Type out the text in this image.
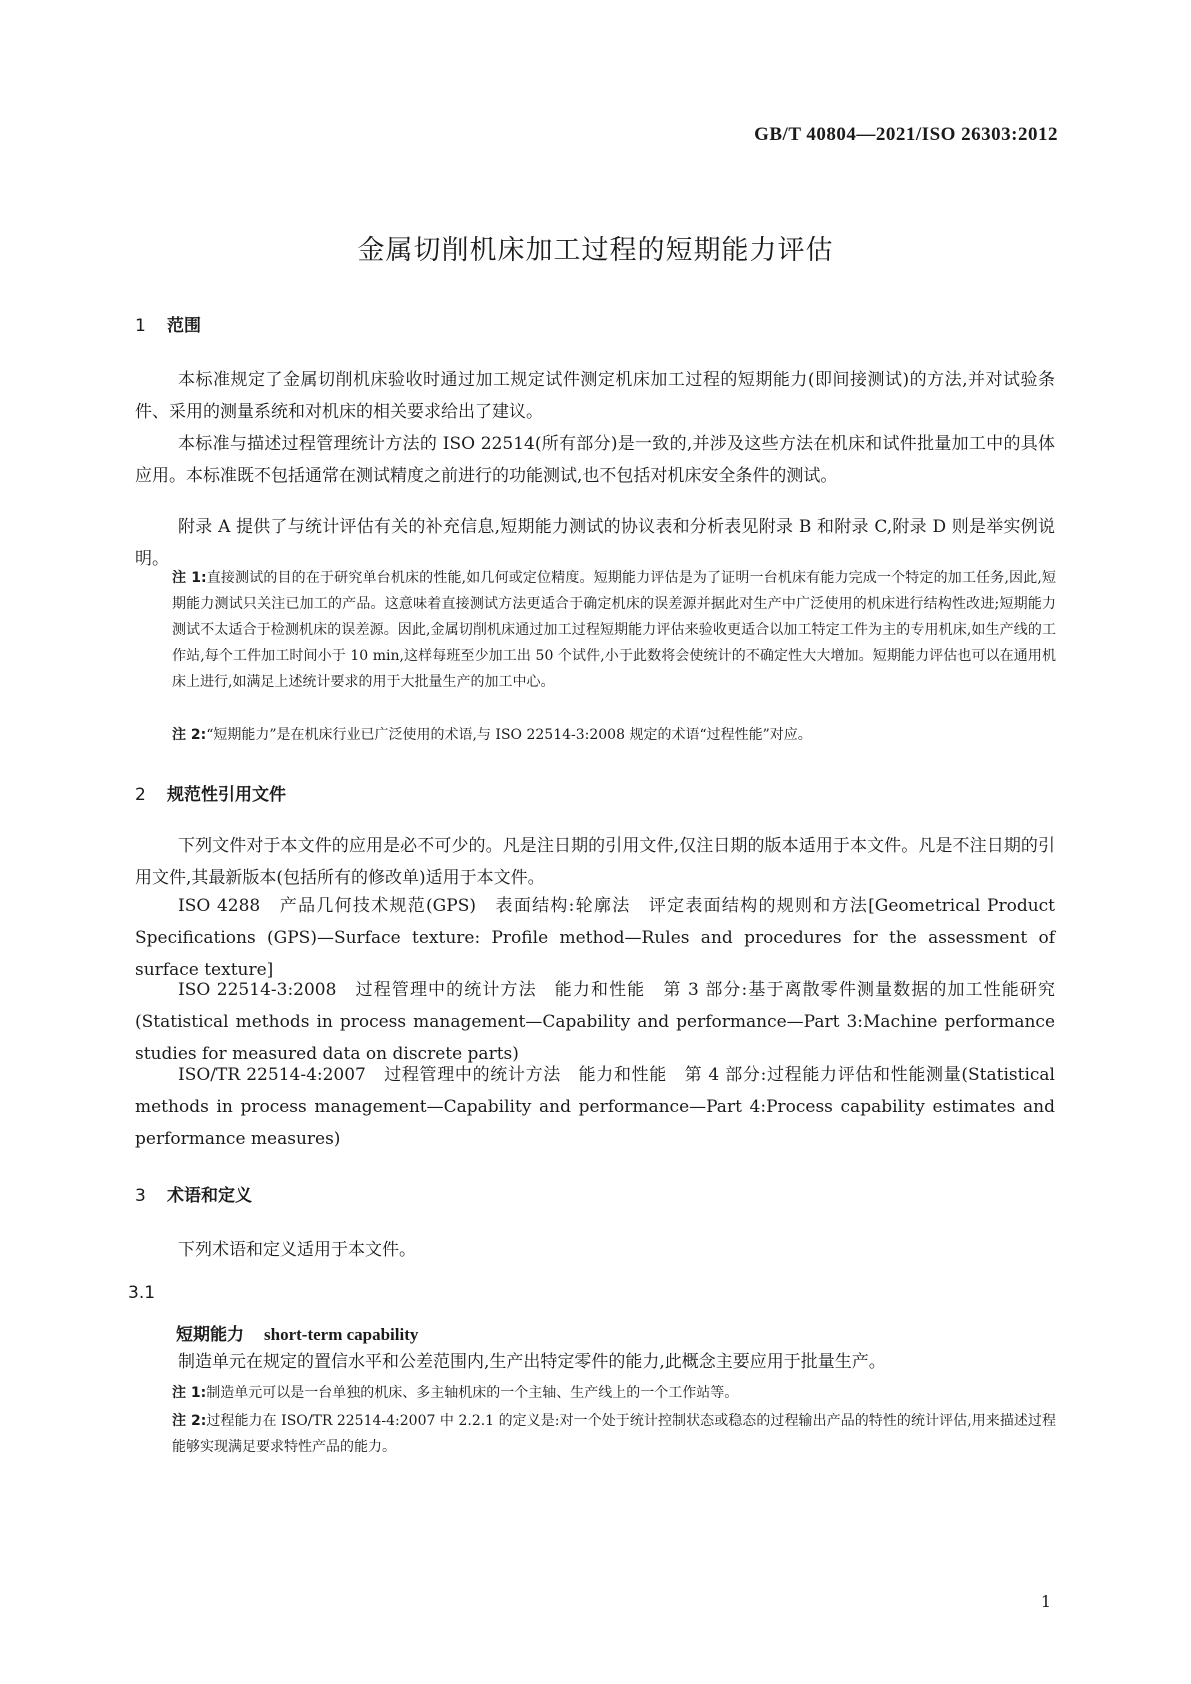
GB/T 40804—2021/ISO 26303:2012
金属切削机床加工过程的短期能力评估
1 范围
本标准规定了金属切削机床验收时通过加工规定试件测定机床加工过程的短期能力(即间接测试)的方法,并对试验条件、采用的测量系统和对机床的相关要求给出了建议。
本标准与描述过程管理统计方法的 ISO 22514(所有部分)是一致的,并涉及这些方法在机床和试件批量加工中的具体应用。本标准既不包括通常在测试精度之前进行的功能测试,也不包括对机床安全条件的测试。
附录 A 提供了与统计评估有关的补充信息,短期能力测试的协议表和分析表见附录 B 和附录 C,附录 D 则是举实例说明。
注 1:直接测试的目的在于研究单台机床的性能,如几何或定位精度。短期能力评估是为了证明一台机床有能力完成一个特定的加工任务,因此,短期能力测试只关注已加工的产品。这意味着直接测试方法更适合于确定机床的误差源并据此对生产中广泛使用的机床进行结构性改进;短期能力测试不太适合于检测机床的误差源。因此,金属切削机床通过加工过程短期能力评估来验收更适合以加工特定工件为主的专用机床,如生产线的工作站,每个工件加工时间小于 10 min,这样每班至少加工出 50 个试件,小于此数将会使统计的不确定性大大增加。短期能力评估也可以在通用机床上进行,如满足上述统计要求的用于大批量生产的加工中心。
注 2:“短期能力”是在机床行业已广泛使用的术语,与 ISO 22514-3:2008 规定的术语“过程性能”对应。
2 规范性引用文件
下列文件对于本文件的应用是必不可少的。凡是注日期的引用文件,仅注日期的版本适用于本文件。凡是不注日期的引用文件,其最新版本(包括所有的修改单)适用于本文件。
ISO 4288　产品几何技术规范(GPS)　表面结构:轮廓法　评定表面结构的规则和方法[Geometrical Product Specifications (GPS)—Surface texture: Profile method—Rules and procedures for the assessment of surface texture]
ISO 22514-3:2008　过程管理中的统计方法　能力和性能　第 3 部分:基于离散零件测量数据的加工性能研究(Statistical methods in process management—Capability and performance—Part 3:Machine performance studies for measured data on discrete parts)
ISO/TR 22514-4:2007　过程管理中的统计方法　能力和性能　第 4 部分:过程能力评估和性能测量(Statistical methods in process management—Capability and performance—Part 4:Process capability estimates and performance measures)
3 术语和定义
下列术语和定义适用于本文件。
3.1
短期能力 short-term capability
制造单元在规定的置信水平和公差范围内,生产出特定零件的能力,此概念主要应用于批量生产。
注 1:制造单元可以是一台单独的机床、多主轴机床的一个主轴、生产线上的一个工作站等。
注 2:过程能力在 ISO/TR 22514-4:2007 中 2.2.1 的定义是:对一个处于统计控制状态或稳态的过程输出产品的特性的统计评估,用来描述过程能够实现满足要求特性产品的能力。
1
